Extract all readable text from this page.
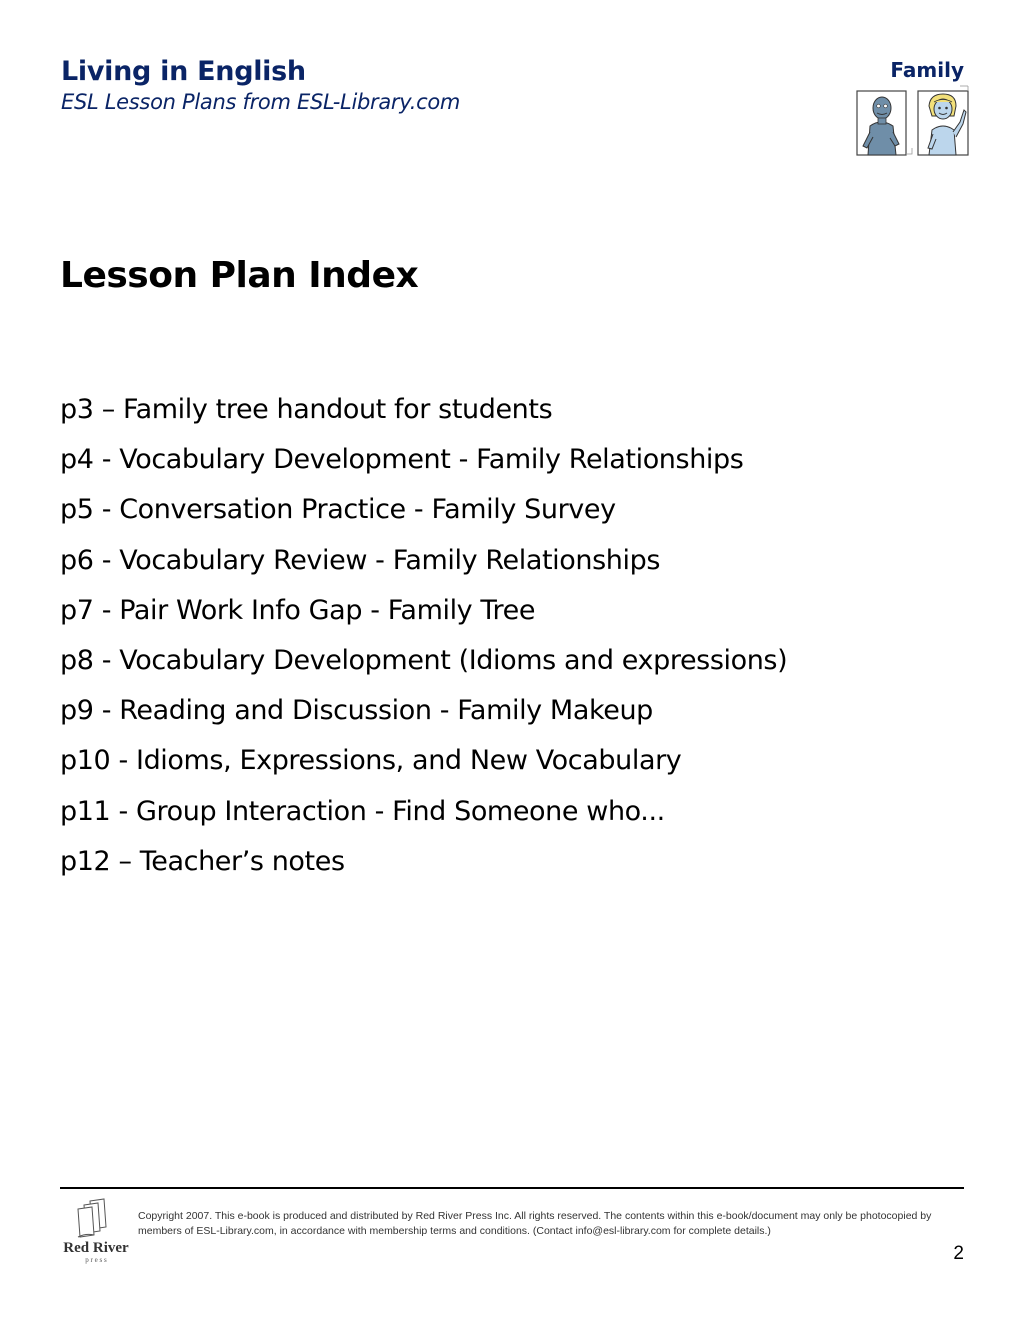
Living in English
ESL Lesson Plans from ESL-Library.com
Family
Lesson Plan Index
p3 – Family tree handout for students
p4 - Vocabulary Development - Family Relationships
p5 - Conversation Practice - Family Survey
p6 - Vocabulary Review - Family Relationships
p7 - Pair Work Info Gap - Family Tree
p8 - Vocabulary Development (Idioms and expressions)
p9 - Reading and Discussion - Family Makeup
p10 - Idioms, Expressions, and New Vocabulary
p11 - Group Interaction - Find Someone who...
p12 – Teacher’s notes
Red River
p r e s s
Copyright 2007. This e-book is produced and distributed by Red River Press Inc. All rights reserved. The contents within this e-book/document may only be photocopied by members of ESL-Library.com, in accordance with membership terms and conditions. (Contact info@esl-library.com for complete details.)
2
